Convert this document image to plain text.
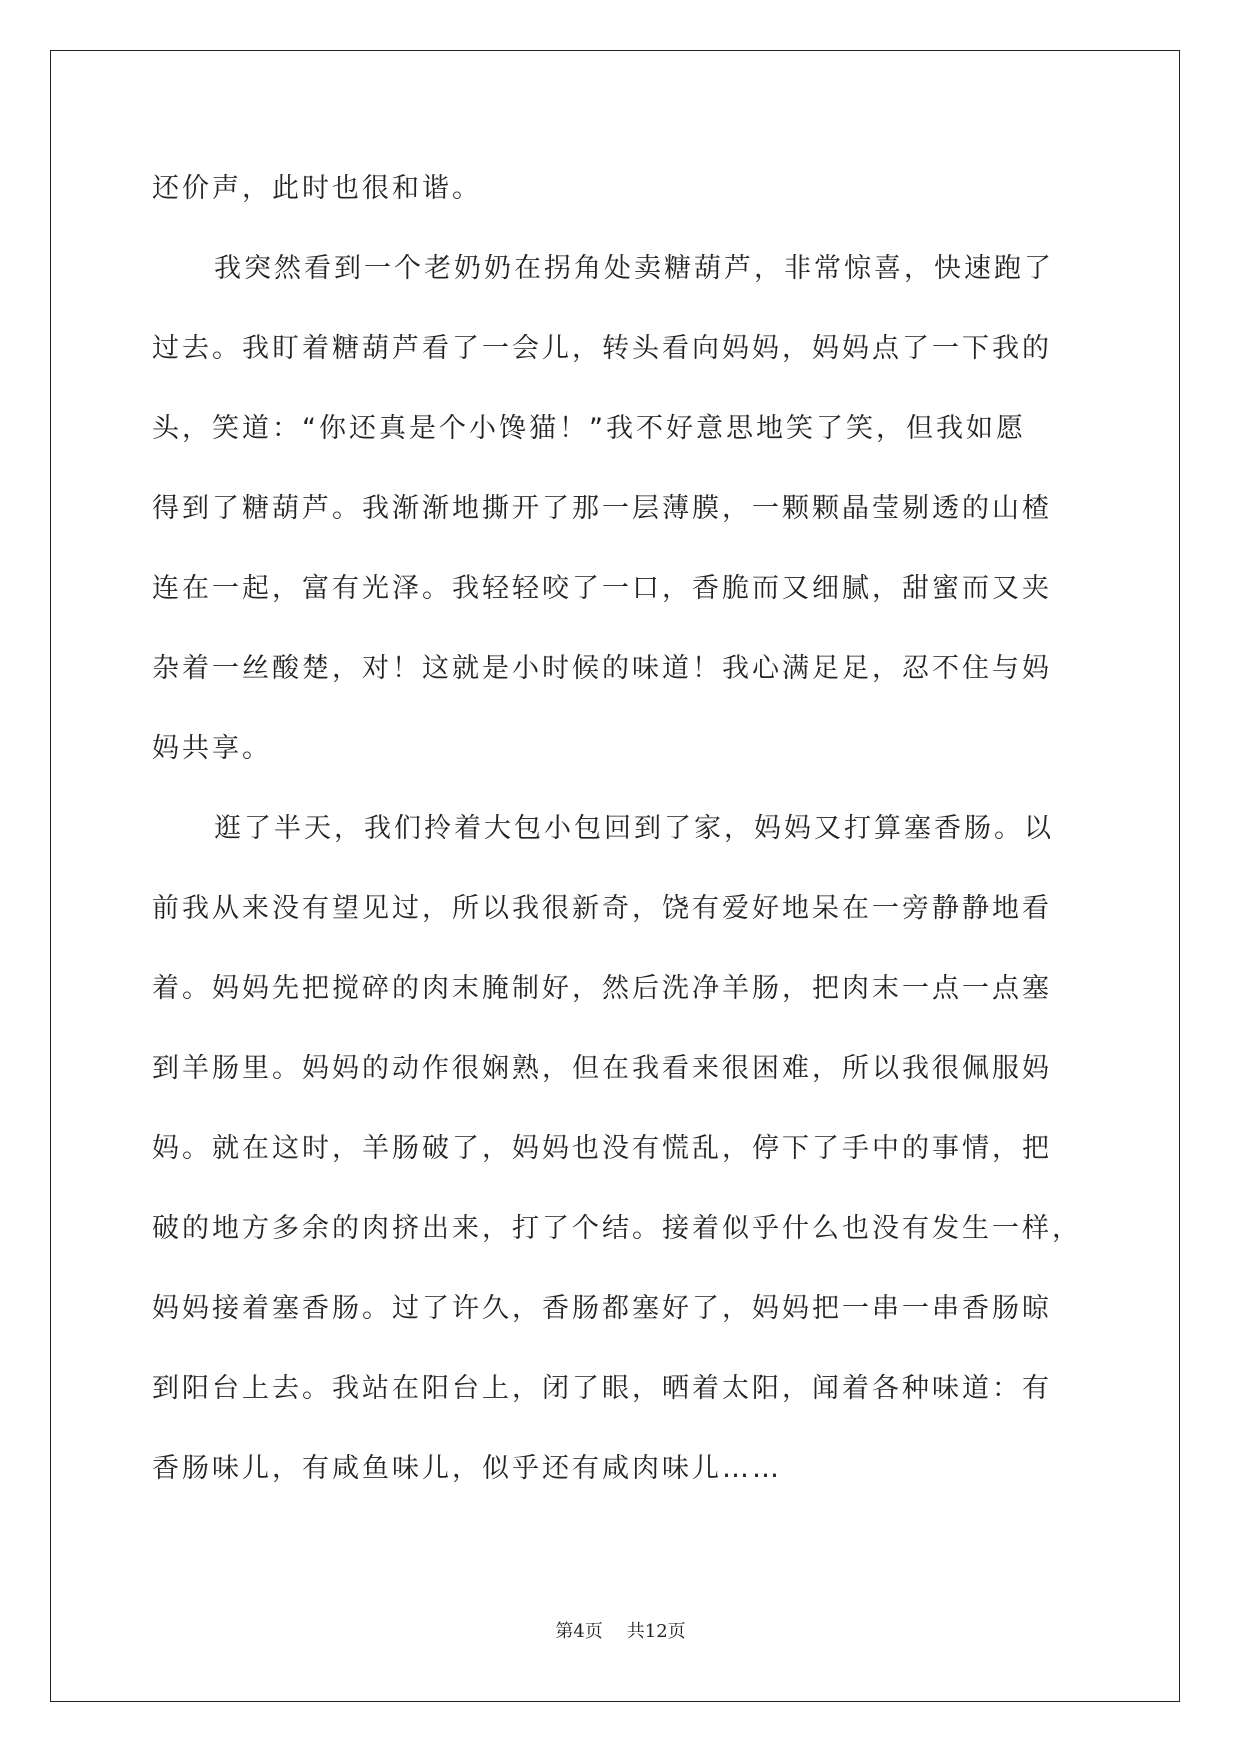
还价声，此时也很和谐。
我突然看到一个老奶奶在拐角处卖糖葫芦，非常惊喜，快速跑了
过去。我盯着糖葫芦看了一会儿，转头看向妈妈，妈妈点了一下我的
头，笑道：“你还真是个小馋猫！”我不好意思地笑了笑，但我如愿
得到了糖葫芦。我渐渐地撕开了那一层薄膜，一颗颗晶莹剔透的山楂
连在一起，富有光泽。我轻轻咬了一口，香脆而又细腻，甜蜜而又夹
杂着一丝酸楚，对！这就是小时候的味道！我心满足足，忍不住与妈
妈共享。
逛了半天，我们拎着大包小包回到了家，妈妈又打算塞香肠。以
前我从来没有望见过，所以我很新奇，饶有爱好地呆在一旁静静地看
着。妈妈先把搅碎的肉末腌制好，然后洗净羊肠，把肉末一点一点塞
到羊肠里。妈妈的动作很娴熟，但在我看来很困难，所以我很佩服妈
妈。就在这时，羊肠破了，妈妈也没有慌乱，停下了手中的事情，把
破的地方多余的肉挤出来，打了个结。接着似乎什么也没有发生一样，
妈妈接着塞香肠。过了许久，香肠都塞好了，妈妈把一串一串香肠晾
到阳台上去。我站在阳台上，闭了眼，晒着太阳，闻着各种味道：有
香肠味儿，有咸鱼味儿，似乎还有咸肉味儿……
第4页 共12页
